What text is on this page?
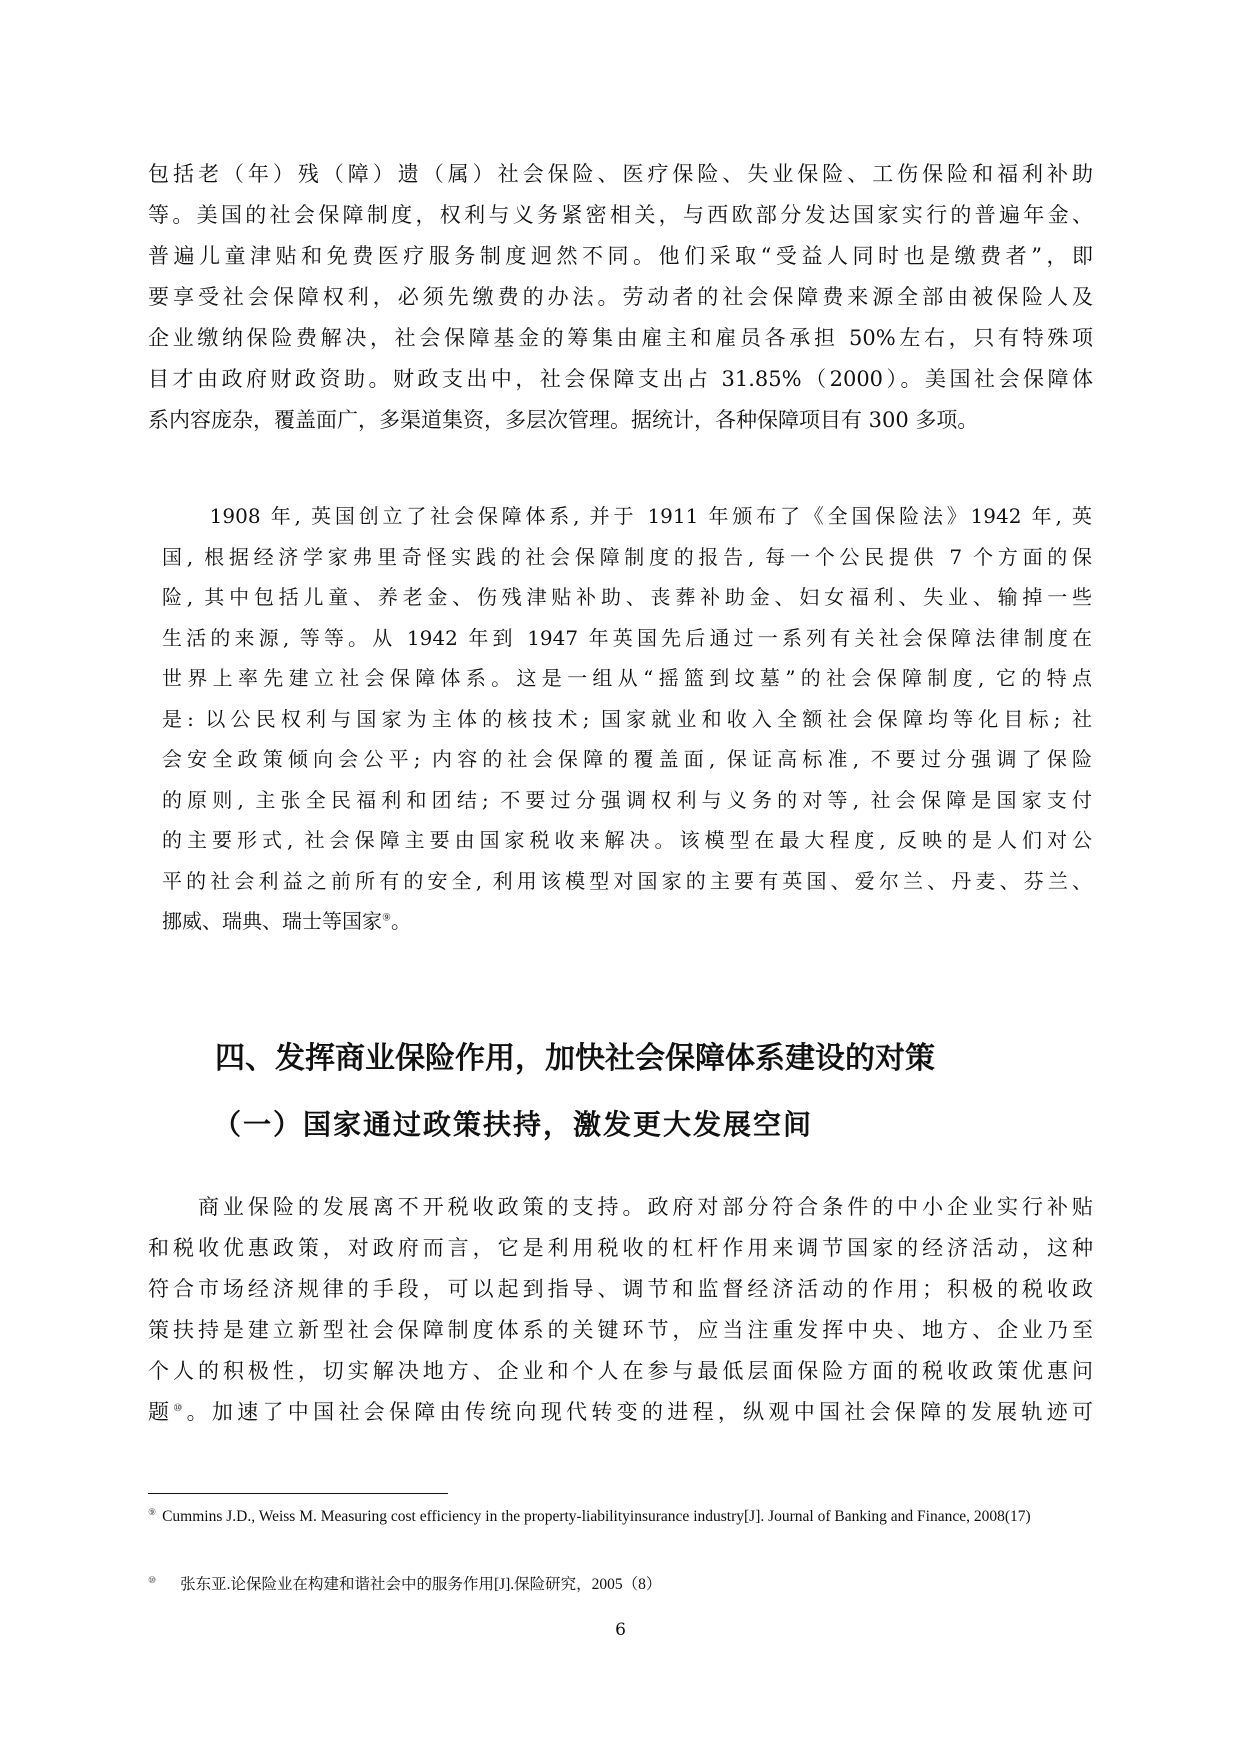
包括老（年）残（障）遗（属）社会保险、医疗保险、失业保险、工伤保险和福利补助
等。美国的社会保障制度，权利与义务紧密相关，与西欧部分发达国家实行的普遍年金、
普遍儿童津贴和免费医疗服务制度迥然不同。他们采取“受益人同时也是缴费者”，即
要享受社会保障权利，必须先缴费的办法。劳动者的社会保障费来源全部由被保险人及
企业缴纳保险费解决，社会保障基金的筹集由雇主和雇员各承担 50%左右，只有特殊项
目才由政府财政资助。财政支出中，社会保障支出占 31.85%（2000）。美国社会保障体
系内容庞杂，覆盖面广，多渠道集资，多层次管理。据统计，各种保障项目有 300 多项。
　　1908 年, 英国创立了社会保障体系, 并于 1911 年颁布了《全国保险法》1942 年, 英
国, 根据经济学家弗里奇怪实践的社会保障制度的报告, 每一个公民提供 7 个方面的保
险, 其中包括儿童、养老金、伤残津贴补助、丧葬补助金、妇女福利、失业、输掉一些
生活的来源, 等等。从 1942 年到 1947 年英国先后通过一系列有关社会保障法律制度在
世界上率先建立社会保障体系。这是一组从“摇篮到坟墓”的社会保障制度, 它的特点
是: 以公民权利与国家为主体的核技术; 国家就业和收入全额社会保障均等化目标; 社
会安全政策倾向会公平; 内容的社会保障的覆盖面, 保证高标准, 不要过分强调了保险
的原则, 主张全民福利和团结; 不要过分强调权利与义务的对等, 社会保障是国家支付
的主要形式, 社会保障主要由国家税收来解决。该模型在最大程度, 反映的是人们对公
平的社会利益之前所有的安全, 利用该模型对国家的主要有英国、爱尔兰、丹麦、芬兰、
挪威、瑞典、瑞士等国家⑨。
四、发挥商业保险作用，加快社会保障体系建设的对策
（一）国家通过政策扶持，激发更大发展空间
　　商业保险的发展离不开税收政策的支持。政府对部分符合条件的中小企业实行补贴
和税收优惠政策，对政府而言，它是利用税收的杠杆作用来调节国家的经济活动，这种
符合市场经济规律的手段，可以起到指导、调节和监督经济活动的作用；积极的税收政
策扶持是建立新型社会保障制度体系的关键环节，应当注重发挥中央、地方、企业乃至
个人的积极性，切实解决地方、企业和个人在参与最低层面保险方面的税收政策优惠问
题⑩。加速了中国社会保障由传统向现代转变的进程，纵观中国社会保障的发展轨迹可

⑨ Cummins J.D., Weiss M. Measuring cost efficiency in the property-liabilityinsurance industry[J]. Journal of Banking and Finance, 2008(17)

⑩ 张东亚.论保险业在构建和谐社会中的服务作用[J].保险研究，2005（8）

6
